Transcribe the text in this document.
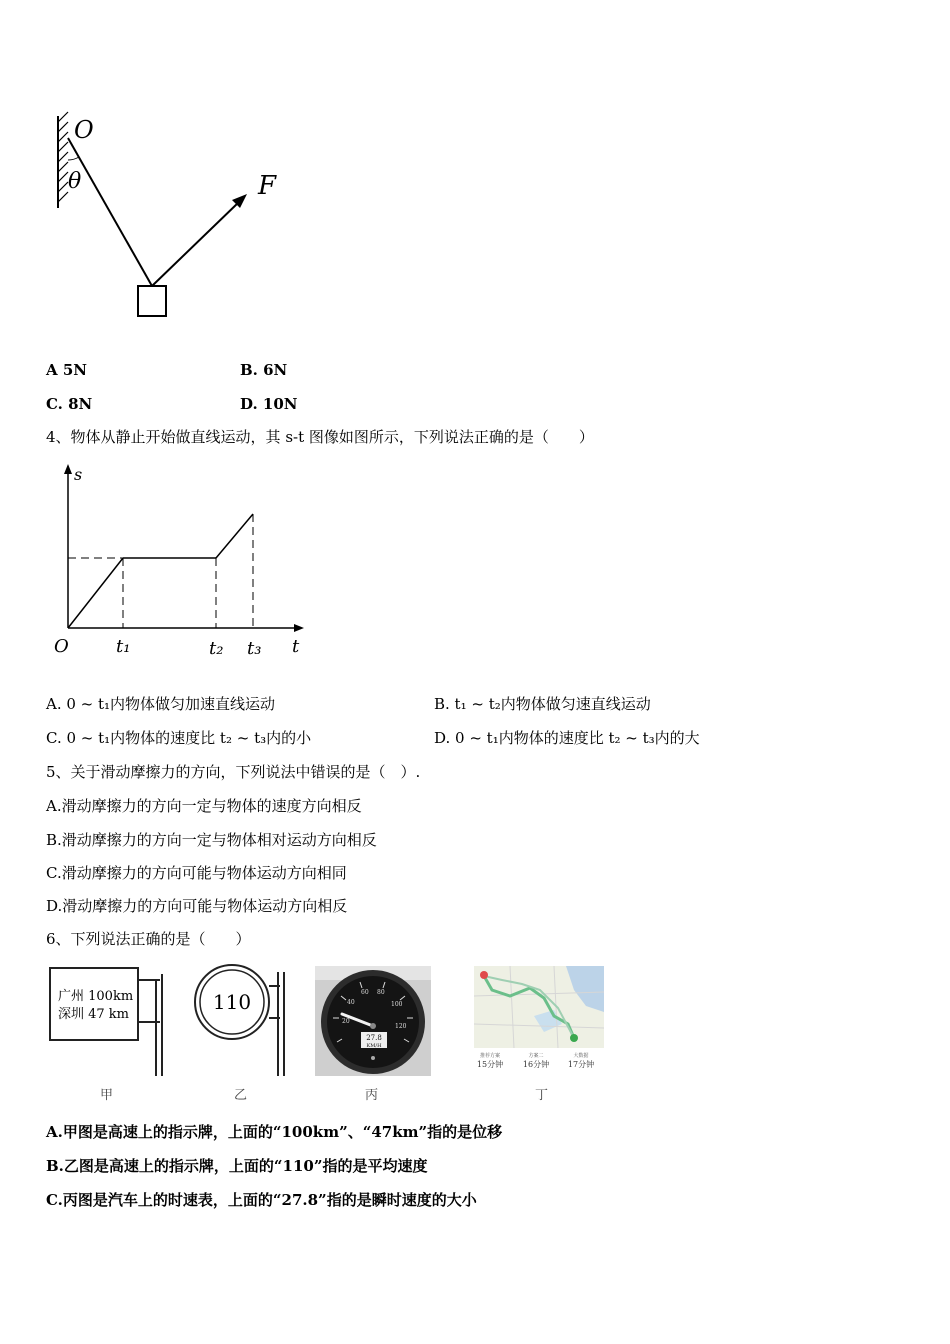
O
θ	F
A 5N	B. 6N
C. 8N	D. 10N
4、物体从静止开始做直线运动，其 s-t 图像如图所示，下列说法正确的是（　　）
s
t
O	t₁	t₂ t₃
A. 0 ~ t₁内物体做匀加速直线运动	B. t₁ ~ t₂内物体做匀速直线运动
C. 0 ~ t₁内物体的速度比 t₂ ~ t₃内的小	D. 0 ~ t₁内物体的速度比 t₂ ~ t₃内的大
5、关于滑动摩擦力的方向，下列说法中错误的是（　）.
A.滑动摩擦力的方向一定与物体的速度方向相反
B.滑动摩擦力的方向一定与物体相对运动方向相反
C.滑动摩擦力的方向可能与物体运动方向相同
D.滑动摩擦力的方向可能与物体运动方向相反
6、下列说法正确的是（　　）
广州 100km
深圳 47 km
甲
110
乙
20
40
60 80
100
120
27.8
KM/H
丙
推荐方案
15分钟
方案二
16分钟
大数据
17分钟
丁
A.甲图是高速上的指示牌，上面的“100km”、“47km”指的是位移
B.乙图是高速上的指示牌，上面的“110”指的是平均速度
C.丙图是汽车上的时速表，上面的“27.8”指的是瞬时速度的大小
